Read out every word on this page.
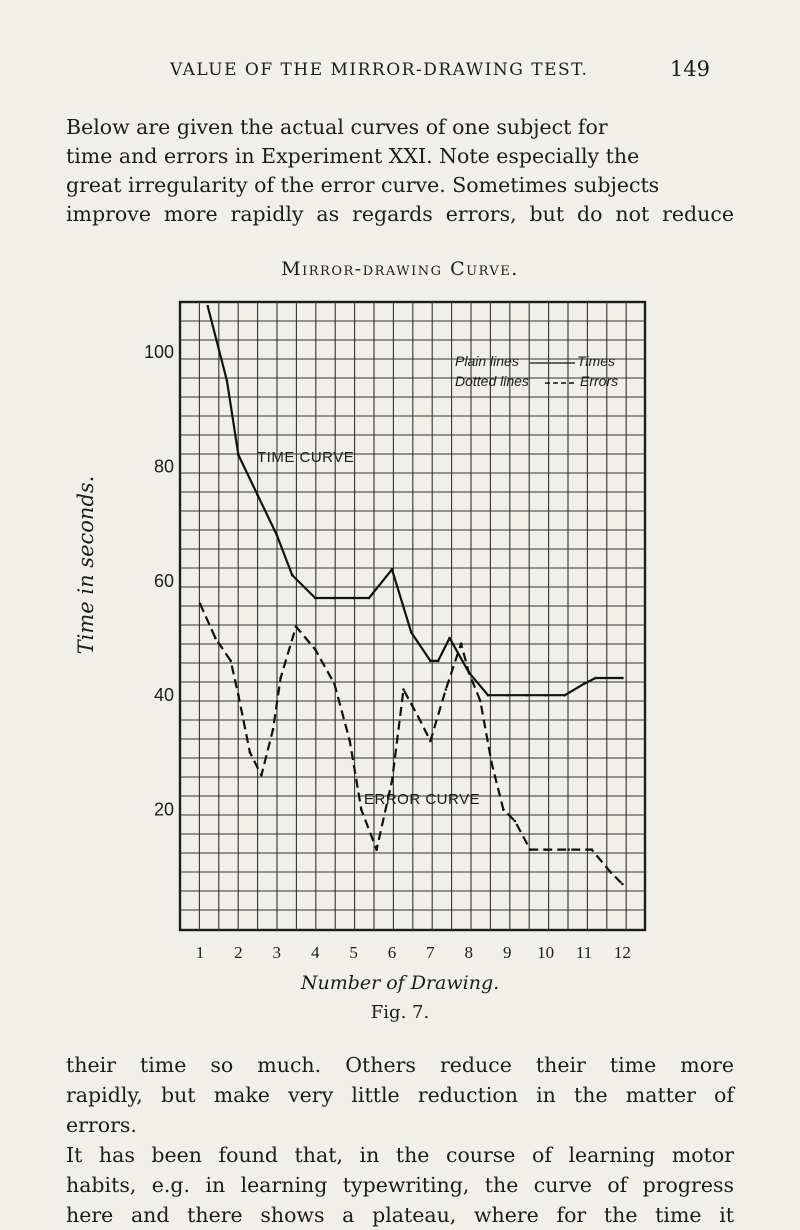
VALUE OF THE MIRROR-DRAWING TEST.	149
Below are given the actual curves of one subject for
time and errors in Experiment XXI. Note especially the
great irregularity of the error curve. Sometimes subjects
improve more rapidly as regards errors, but do not reduce
Mirror-drawing Curve.
100
80
60
40
20
1 2 3 4 5 6 7 8 9 10 11 12
Plain lines	Times
Dotted lines	Errors
TIME CURVE
ERROR CURVE
Time in seconds.
Number of Drawing.
Fig. 7.
their time so much. Others reduce their time more
rapidly, but make very little reduction in the matter of
errors.
It has been found that, in the course of learning motor
habits, e.g. in learning typewriting, the curve of progress
here and there shows a plateau, where for the time it
